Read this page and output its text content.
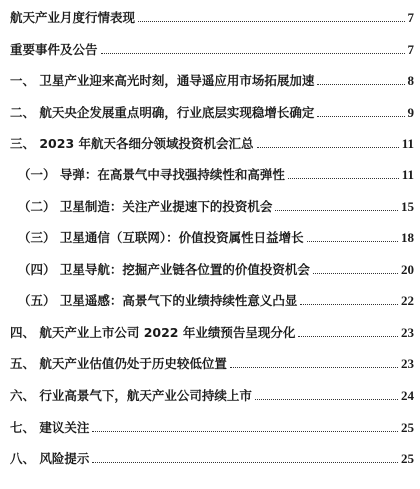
航天产业月度行情表现	7
重要事件及公告	7
一、 卫星产业迎来高光时刻，通导遥应用市场拓展加速	8
二、 航天央企发展重点明确，行业底层实现稳增长确定	9
三、 2023 年航天各细分领域投资机会汇总	11
（一） 导弹：在高景气中寻找强持续性和高弹性	11
（二） 卫星制造：关注产业提速下的投资机会	15
（三） 卫星通信（互联网）：价值投资属性日益增长	18
（四） 卫星导航：挖掘产业链各位置的价值投资机会	20
（五） 卫星遥感：高景气下的业绩持续性意义凸显	22
四、 航天产业上市公司 2022 年业绩预告呈现分化	23
五、 航天产业估值仍处于历史较低位置	23
六、 行业高景气下，航天产业公司持续上市	24
七、 建议关注	25
八、 风险提示	25
